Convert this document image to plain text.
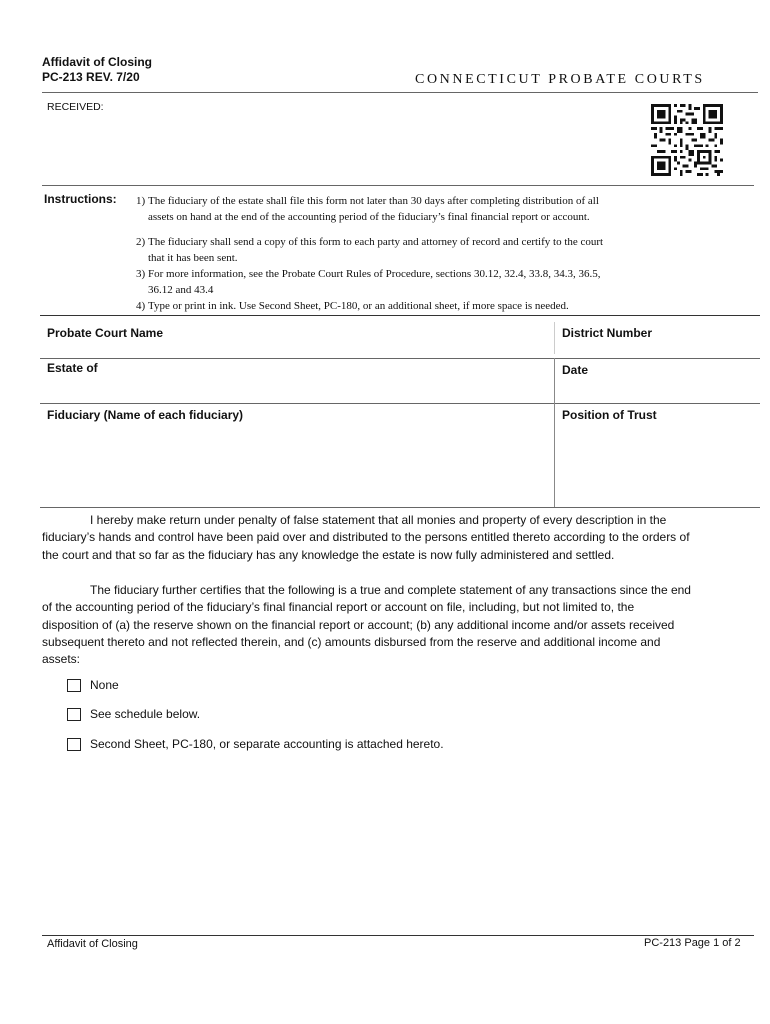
Affidavit of Closing
PC-213 REV. 7/20	CONNECTICUT PROBATE COURTS
RECEIVED:
Instructions: 1) The fiduciary of the estate shall file this form not later than 30 days after completing distribution of all
assets on hand at the end of the accounting period of the fiduciary’s final financial report or account.
2) The fiduciary shall send a copy of this form to each party and attorney of record and certify to the court
that it has been sent.
3) For more information, see the Probate Court Rules of Procedure, sections 30.12, 32.4, 33.8, 34.3, 36.5,
36.12 and 43.4
4) Type or print in ink. Use Second Sheet, PC-180, or an additional sheet, if more space is needed.
Probate Court Name	District Number
Estate of	Date
Fiduciary (Name of each fiduciary)	Position of Trust
I hereby make return under penalty of false statement that all monies and property of every description in the
fiduciary’s hands and control have been paid over and distributed to the persons entitled thereto according to the orders of
the court and that so far as the fiduciary has any knowledge the estate is now fully administered and settled.
The fiduciary further certifies that the following is a true and complete statement of any transactions since the end
of the accounting period of the fiduciary’s final financial report or account on file, including, but not limited to, the
disposition of (a) the reserve shown on the financial report or account; (b) any additional income and/or assets received
subsequent thereto and not reflected therein, and (c) amounts disbursed from the reserve and additional income and
assets:
None
See schedule below.
Second Sheet, PC-180, or separate accounting is attached hereto.
Affidavit of Closing	PC-213 Page 1 of 2
